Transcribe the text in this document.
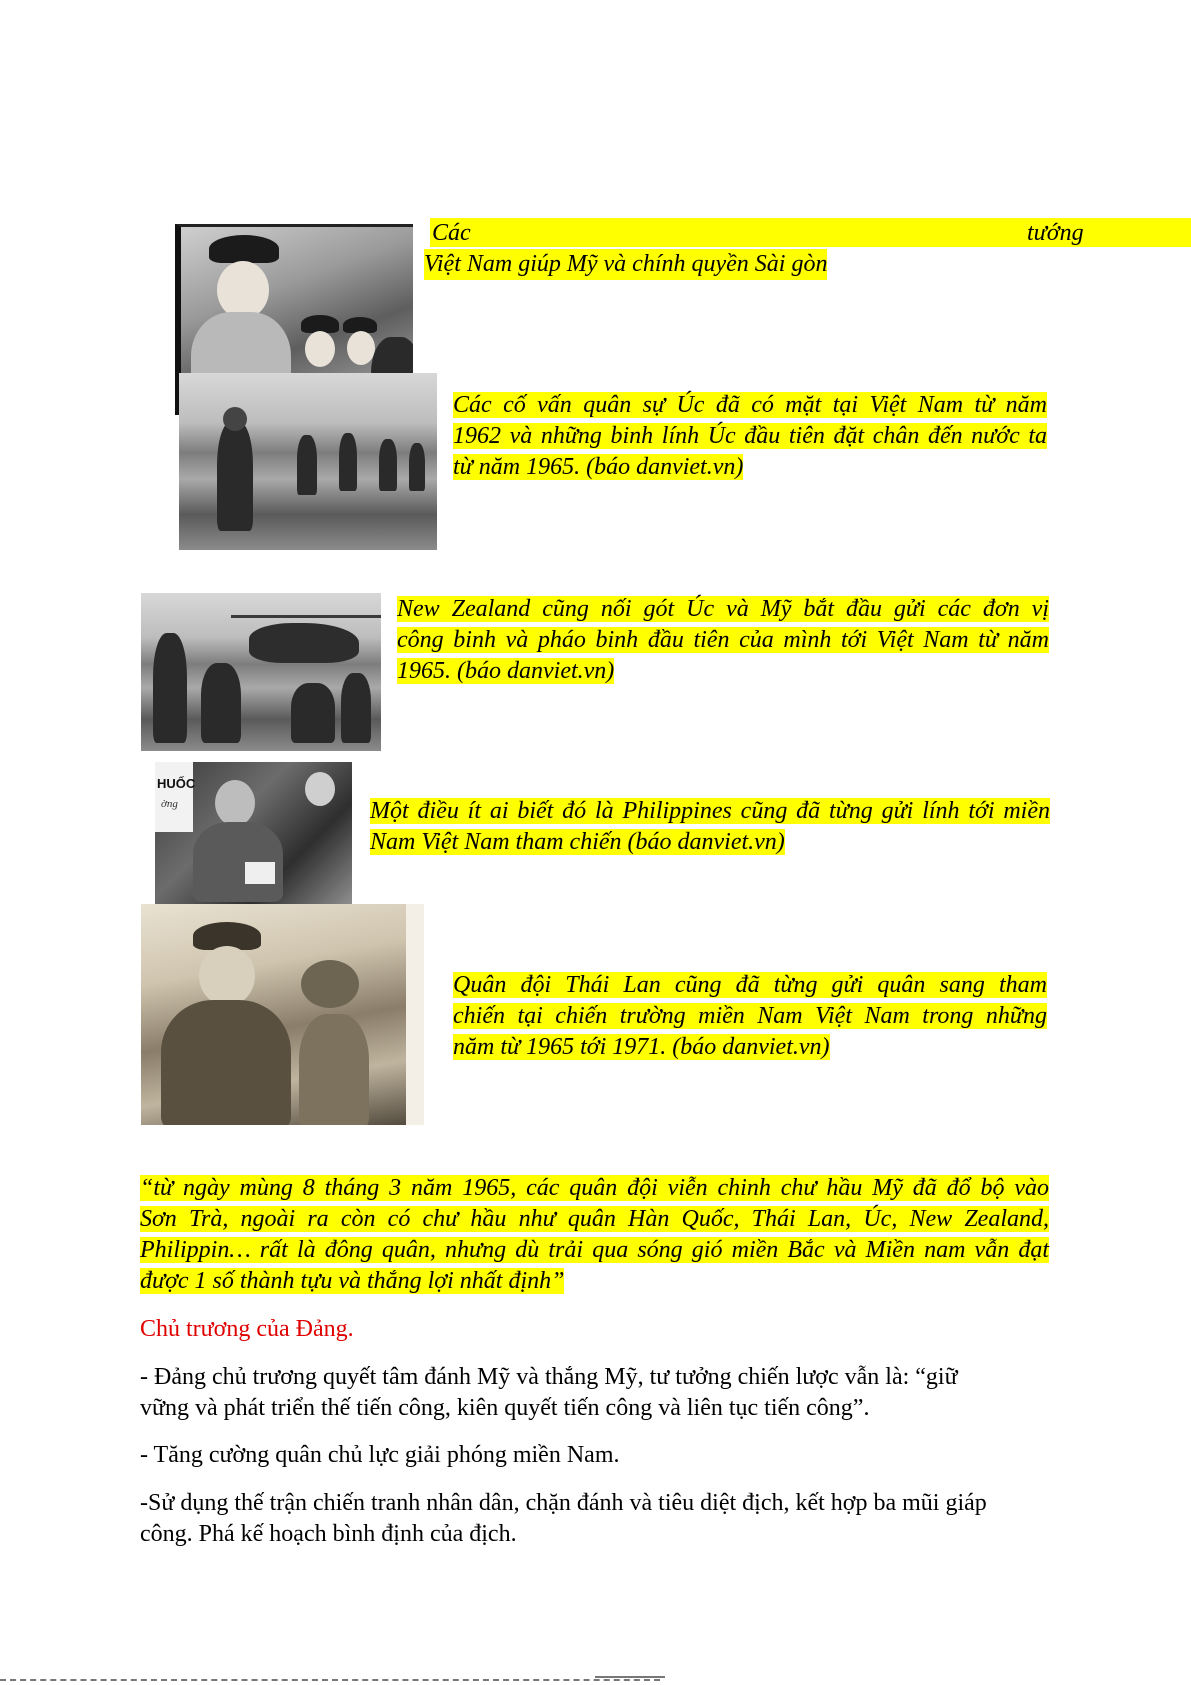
Các	tướng
Việt Nam giúp Mỹ và chính quyền Sài gòn
Các cố vấn quân sự Úc đã có mặt tại Việt Nam từ năm
1962 và những binh lính Úc đầu tiên đặt chân đến nước ta
từ năm 1965. (báo danviet.vn)
New Zealand cũng nối gót Úc và Mỹ bắt đầu gửi các đơn vị
công binh và pháo binh đầu tiên của mình tới Việt Nam từ năm
1965. (báo danviet.vn)
HUỐC
ờng	Một điều ít ai biết đó là Philippines cũng đã từng gửi lính tới miền
Nam Việt Nam tham chiến (báo danviet.vn)
Quân đội Thái Lan cũng đã từng gửi quân sang tham
chiến tại chiến trường miền Nam Việt Nam trong những
năm từ 1965 tới 1971. (báo danviet.vn)
“từ ngày mùng 8 tháng 3 năm 1965, các quân đội viễn chinh chư hầu Mỹ đã đổ bộ vào
Sơn Trà, ngoài ra còn có chư hầu như quân Hàn Quốc, Thái Lan, Úc, New Zealand,
Philippin… rất là đông quân, nhưng dù trải qua sóng gió miền Bắc và Miền nam vẫn đạt
được 1 số thành tựu và thắng lợi nhất định”
Chủ trương của Đảng.
- Đảng chủ trương quyết tâm đánh Mỹ và thắng Mỹ, tư tưởng chiến lược vẫn là: “giữ
vững và phát triển thế tiến công, kiên quyết tiến công và liên tục tiến công”.
- Tăng cường quân chủ lực giải phóng miền Nam.
-Sử dụng thế trận chiến tranh nhân dân, chặn đánh và tiêu diệt địch, kết hợp ba mũi giáp
công. Phá kế hoạch bình định của địch.
